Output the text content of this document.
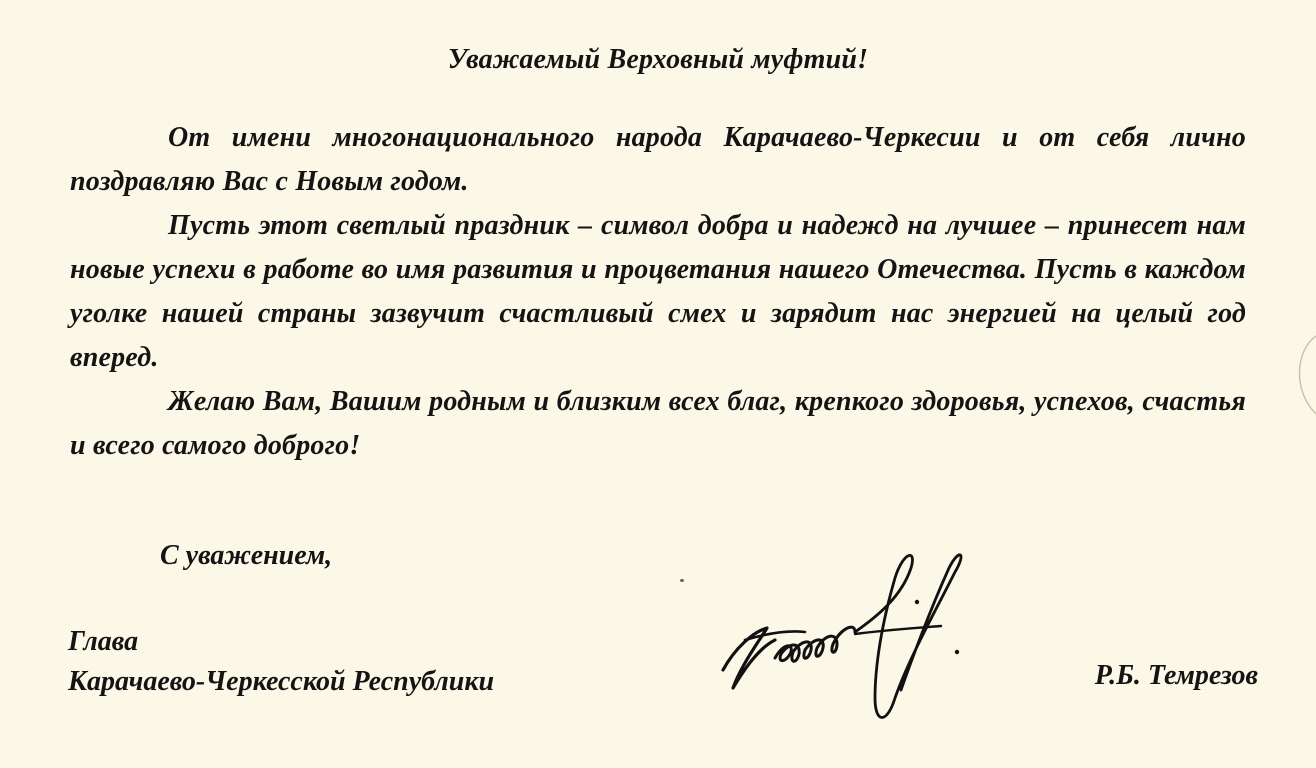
Уважаемый Верховный муфтий!

От имени многонационального народа Карачаево-Черкесии и от себя лично поздравляю Вас с Новым годом.

Пусть этот светлый праздник – символ добра и надежд на лучшее – принесет нам новые успехи в работе во имя развития и процветания нашего Отечества. Пусть в каждом уголке нашей страны зазвучит счастливый смех и зарядит нас энергией на целый год вперед.

Желаю Вам, Вашим родным и близким всех благ, крепкого здоровья, успехов, счастья и всего самого доброго!

С уважением,

Глава
Карачаево-Черкесской Республики	Р.Б. Темрезов
